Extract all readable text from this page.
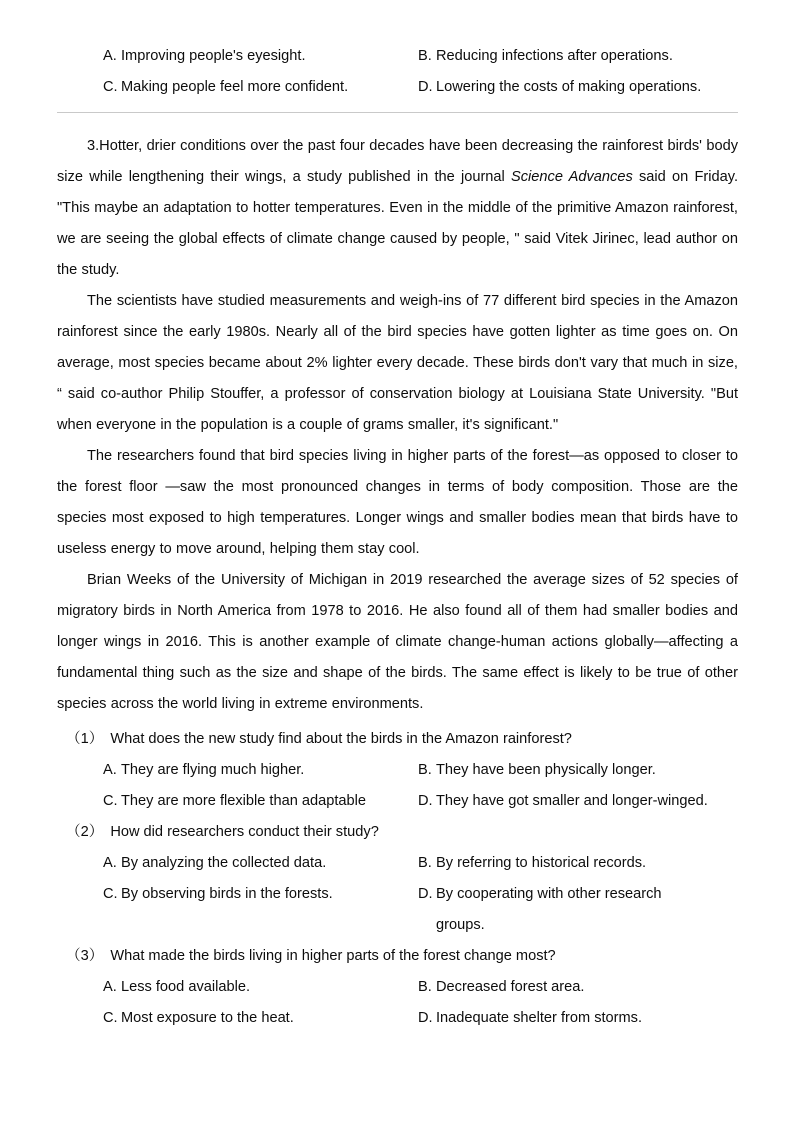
A. Improving people's eyesight.	B. Reducing infections after operations.
C. Making people feel more confident.	D. Lowering the costs of making operations.

3.Hotter, drier conditions over the past four decades have been decreasing the rainforest birds' body size while lengthening their wings, a study published in the journal Science Advances said on Friday. "This maybe an adaptation to hotter temperatures. Even in the middle of the primitive Amazon rainforest, we are seeing the global effects of climate change caused by people, " said Vitek Jirinec, lead author on the study.

The scientists have studied measurements and weigh-ins of 77 different bird species in the Amazon rainforest since the early 1980s. Nearly all of the bird species have gotten lighter as time goes on. On average, most species became about 2% lighter every decade. These birds don't vary that much in size, “ said co-author Philip Stouffer, a professor of conservation biology at Louisiana State University. "But when everyone in the population is a couple of grams smaller, it's significant."

The researchers found that bird species living in higher parts of the forest—as opposed to closer to the forest floor —saw the most pronounced changes in terms of body composition. Those are the species most exposed to high temperatures. Longer wings and smaller bodies mean that birds have to useless energy to move around, helping them stay cool.

Brian Weeks of the University of Michigan in 2019 researched the average sizes of 52 species of migratory birds in North America from 1978 to 2016. He also found all of them had smaller bodies and longer wings in 2016. This is another example of climate change-human actions globally—affecting a fundamental thing such as the size and shape of the birds. The same effect is likely to be true of other species across the world living in extreme environments.

（1） What does the new study find about the birds in the Amazon rainforest?
A. They are flying much higher.	B. They have been physically longer.
C. They are more flexible than adaptable	D. They have got smaller and longer-winged.
（2） How did researchers conduct their study?
A. By analyzing the collected data.	B. By referring to historical records.
C. By observing birds in the forests.	D. By cooperating with other research groups.
（3） What made the birds living in higher parts of the forest change most?
A. Less food available.	B. Decreased forest area.
C. Most exposure to the heat.	D. Inadequate shelter from storms.
